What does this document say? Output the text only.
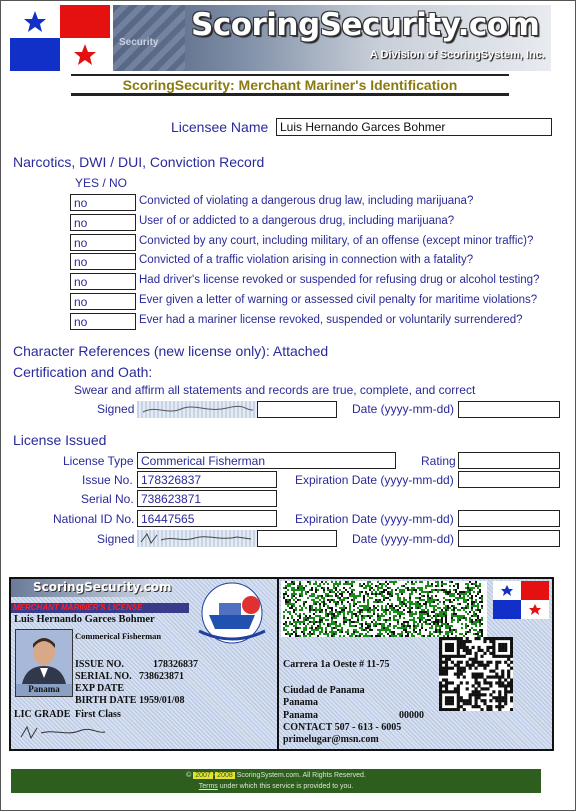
Security ScoringSecurity.com
A Division of ScoringSystem, Inc.
ScoringSecurity: Merchant Mariner's Identification
Licensee Name Luis Hernando Garces Bohmer
Narcotics, DWI / DUI, Conviction Record
YES / NO
no	Convicted of violating a dangerous drug law, including marijuana?
no	User of or addicted to a dangerous drug, including marijuana?
no	Convicted by any court, including military, of an offense (except minor traffic)?
no	Convicted of a traffic violation arising in connection with a fatality?
no	Had driver's license revoked or suspended for refusing drug or alcohol testing?
no	Ever given a letter of warning or assessed civil penalty for maritime violations?
no	Ever had a mariner license revoked, suspended or voluntarily surrendered?
Character References (new license only): Attached
Certification and Oath:
Swear and affirm all statements and records are true, complete, and correct
Signed	Date (yyyy-mm-dd)
License Issued
License Type Commerical Fisherman	Rating
Issue No. 178326837	Expiration Date (yyyy-mm-dd)
Serial No. 738623871
National ID No. 16447565	Expiration Date (yyyy-mm-dd)
Signed	Date (yyyy-mm-dd)
ScoringSecurity.com
MERCHANT MARINER'S LICENSE
Luis Hernando Garces Bohmer
Commerical Fisherman
Panama
ISSUE NO.	178326837
SERIAL NO. 738623871
EXP DATE
BIRTH DATE 1959/01/08
LIC GRADE First Class
Carrera 1a Oeste # 11-75
Ciudad de Panama
Panama
Panama	00000
CONTACT 507 - 613 - 6005
primelugar@msn.com
© 2007 - 2008 ScoringSystem.com. All Rights Reserved.
Terms under which this service is provided to you.
